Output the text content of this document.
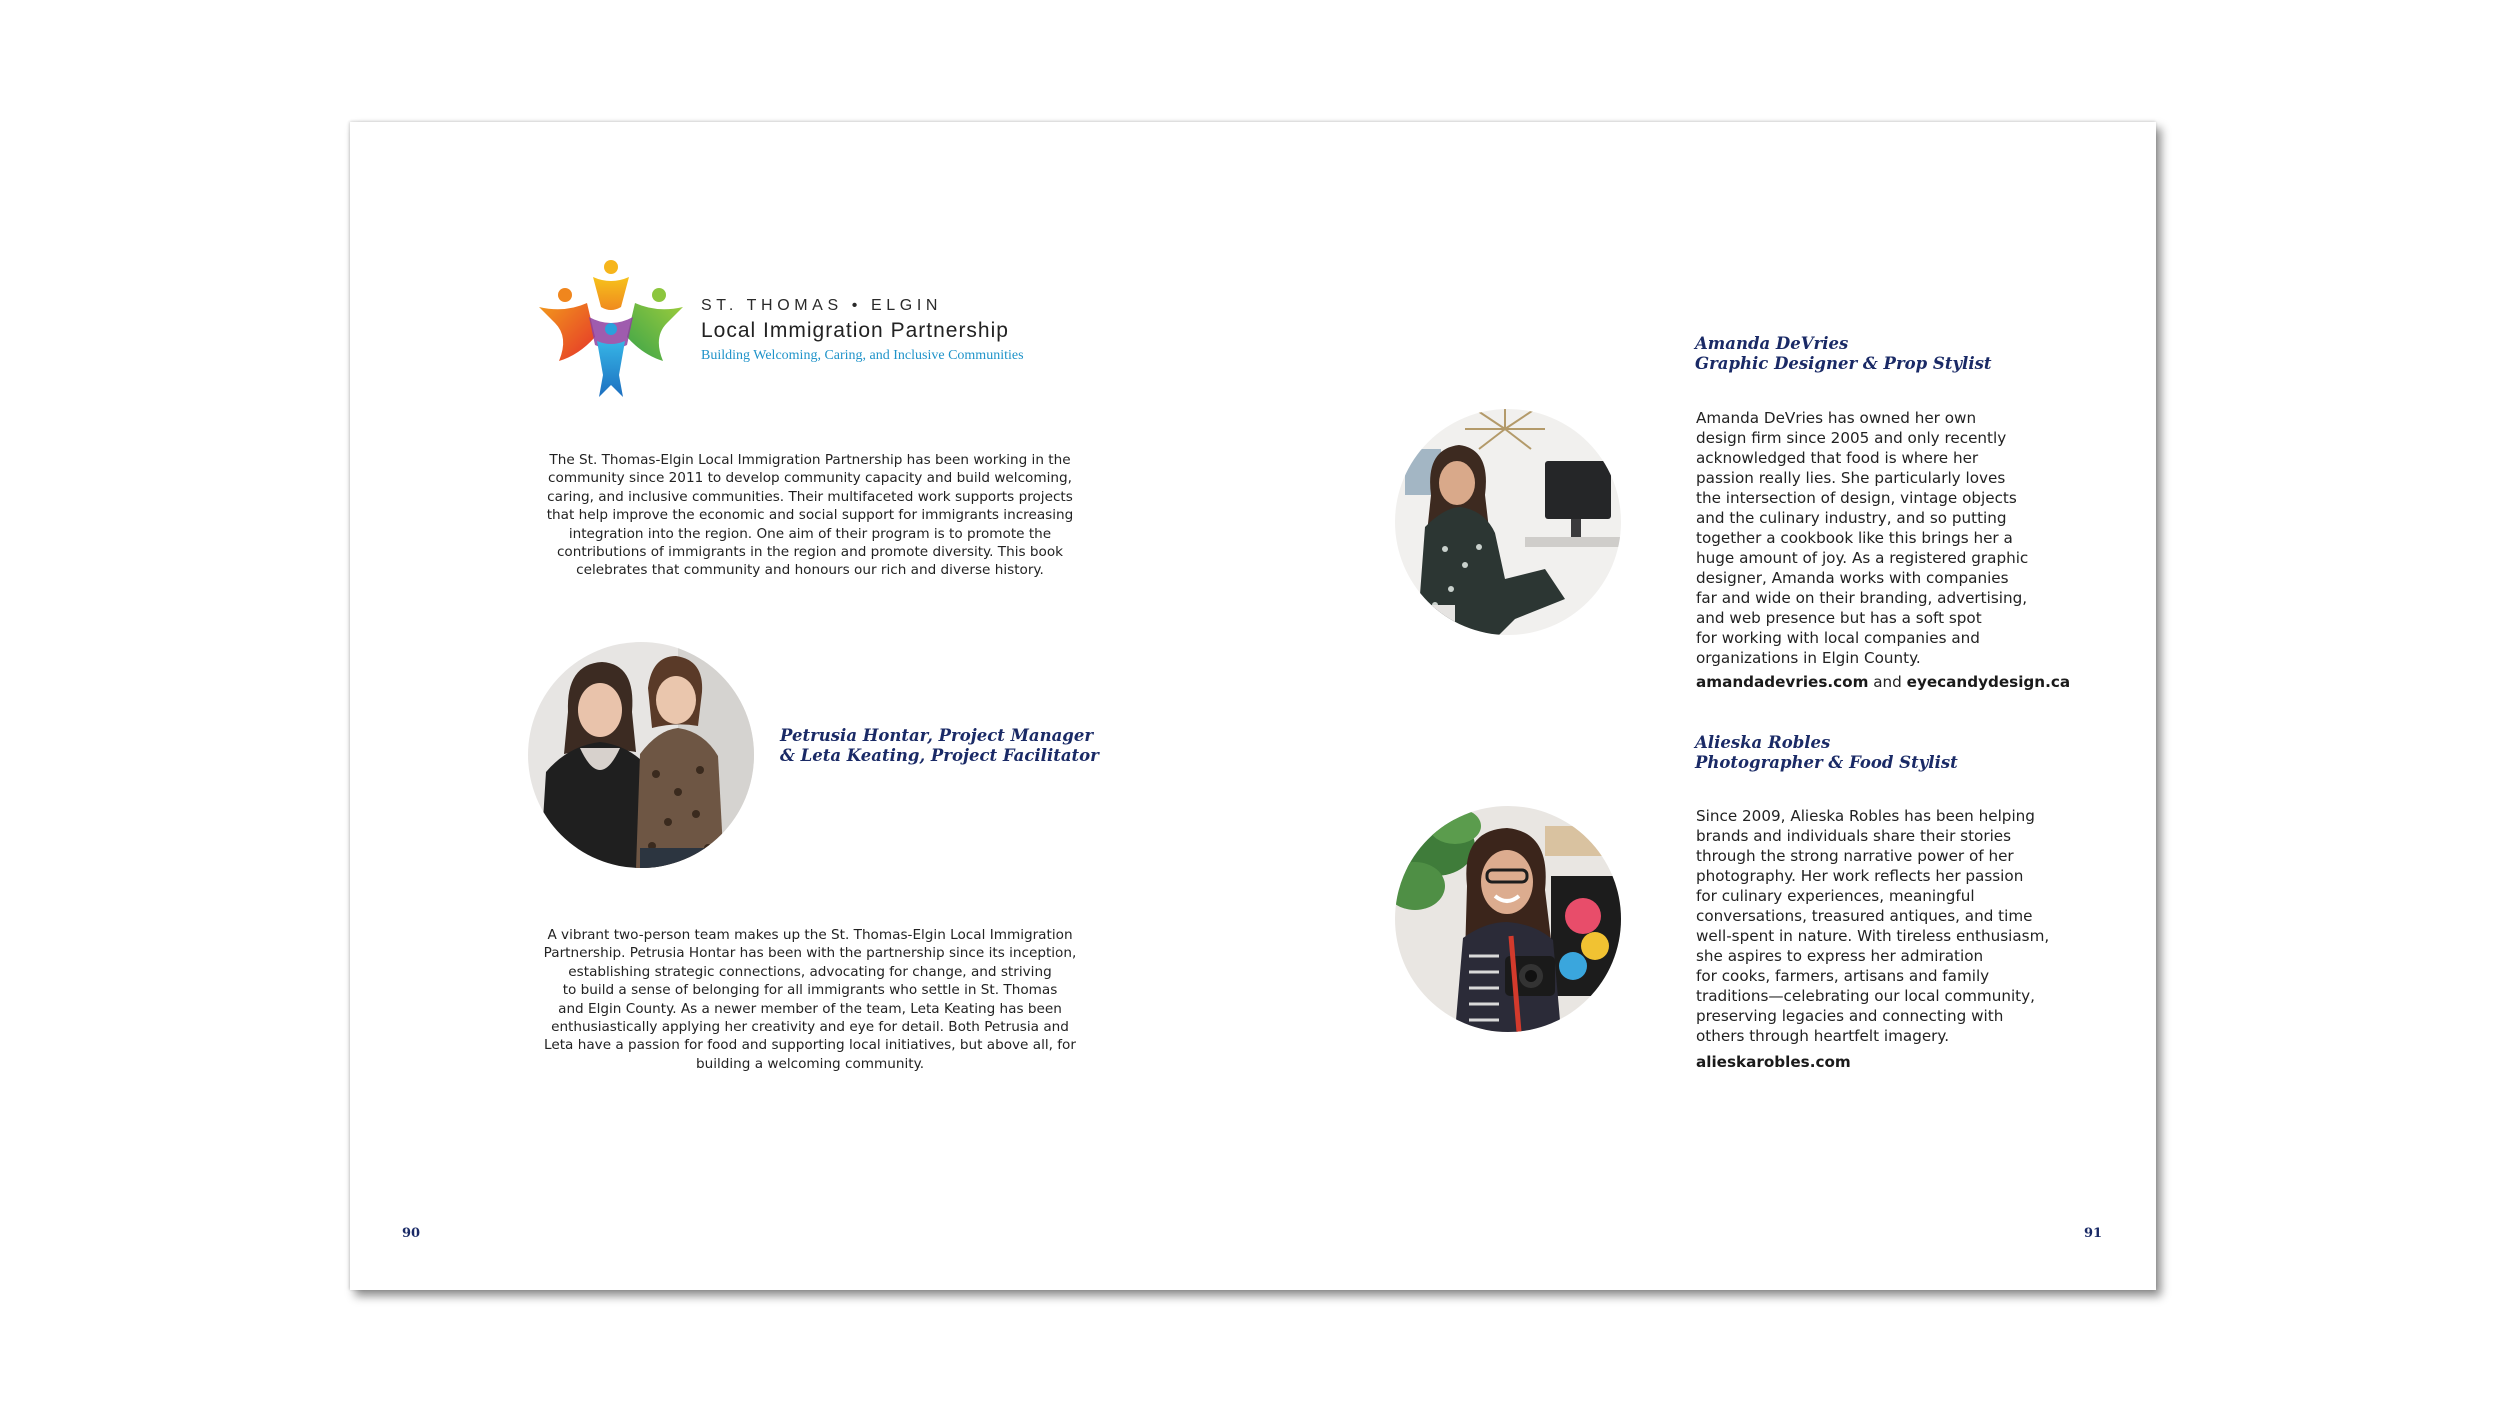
ST. THOMAS • ELGIN
Local Immigration Partnership
Building Welcoming, Caring, and Inclusive Communities
The St. Thomas-Elgin Local Immigration Partnership has been working in the
community since 2011 to develop community capacity and build welcoming,
caring, and inclusive communities. Their multifaceted work supports projects
that help improve the economic and social support for immigrants increasing
integration into the region. One aim of their program is to promote the
contributions of immigrants in the region and promote diversity. This book
celebrates that community and honours our rich and diverse history.
Petrusia Hontar, Project Manager
& Leta Keating, Project Facilitator
A vibrant two-person team makes up the St. Thomas-Elgin Local Immigration
Partnership. Petrusia Hontar has been with the partnership since its inception,
establishing strategic connections, advocating for change, and striving
to build a sense of belonging for all immigrants who settle in St. Thomas
and Elgin County. As a newer member of the team, Leta Keating has been
enthusiastically applying her creativity and eye for detail. Both Petrusia and
Leta have a passion for food and supporting local initiatives, but above all, for
building a welcoming community.
Amanda DeVries
Graphic Designer & Prop Stylist
Amanda DeVries has owned her own
design firm since 2005 and only recently
acknowledged that food is where her
passion really lies. She particularly loves
the intersection of design, vintage objects
and the culinary industry, and so putting
together a cookbook like this brings her a
huge amount of joy. As a registered graphic
designer, Amanda works with companies
far and wide on their branding, advertising,
and web presence but has a soft spot
for working with local companies and
organizations in Elgin County.
amandadevries.com and eyecandydesign.ca
Alieska Robles
Photographer & Food Stylist
Since 2009, Alieska Robles has been helping
brands and individuals share their stories
through the strong narrative power of her
photography. Her work reflects her passion
for culinary experiences, meaningful
conversations, treasured antiques, and time
well-spent in nature. With tireless enthusiasm,
she aspires to express her admiration
for cooks, farmers, artisans and family
traditions—celebrating our local community,
preserving legacies and connecting with
others through heartfelt imagery.
alieskarobles.com
90	91
